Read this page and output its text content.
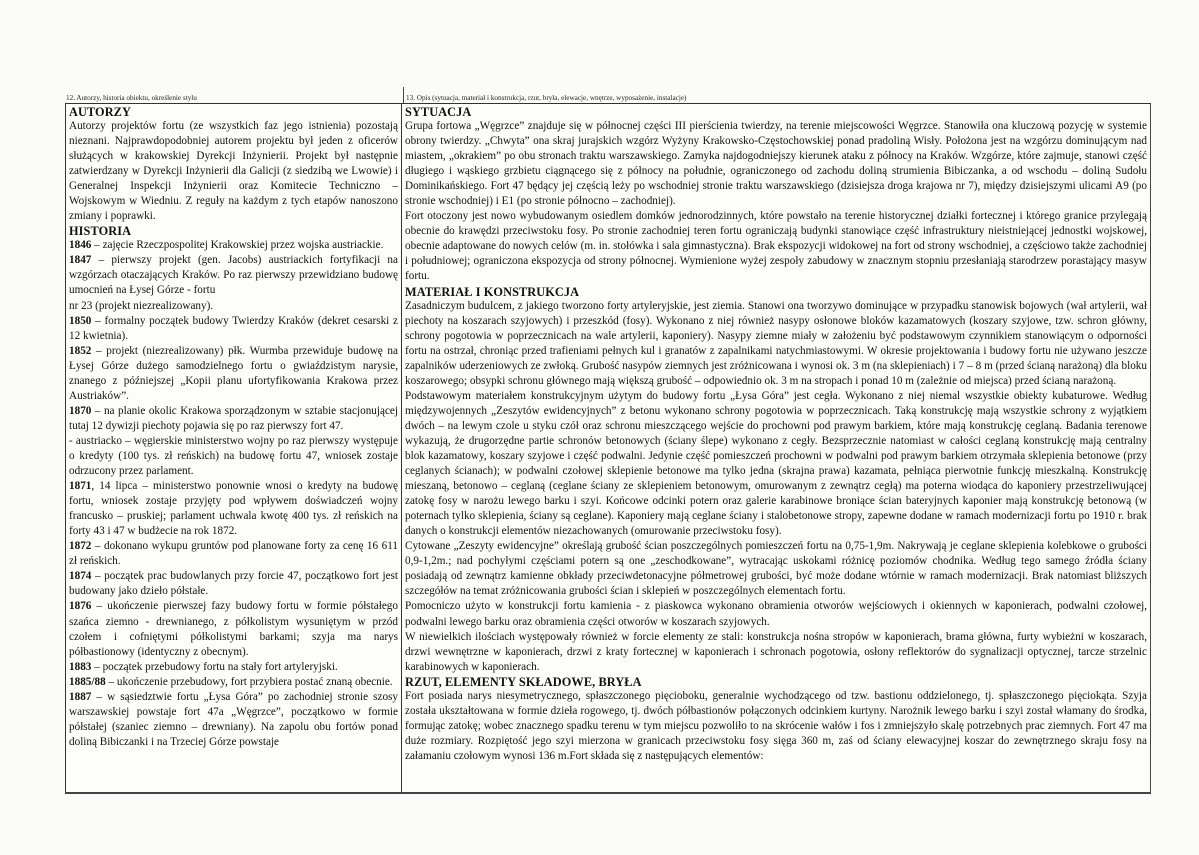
12. Autorzy, historia obiektu, określenie stylu	13. Opis (sytuacja, materiał i konstrukcja, rzut, bryła, elewacje, wnętrze, wyposażenie, instalacje)
AUTORZY

Autorzy projektów fortu (ze wszystkich faz jego istnienia) pozostają nieznani. Najprawdopodobniej autorem projektu był jeden z oficerów służących w krakowskiej Dyrekcji Inżynierii. Projekt był następnie zatwierdzany w Dyrekcji Inżynierii dla Galicji (z siedzibą we Lwowie) i Generalnej Inspekcji Inżynierii oraz Komitecie Techniczno – Wojskowym w Wiedniu. Z reguły na każdym z tych etapów nanoszono zmiany i poprawki.

HISTORIA

1846 – zajęcie Rzeczpospolitej Krakowskiej przez wojska austriackie.

1847 – pierwszy projekt (gen. Jacobs) austriackich fortyfikacji na wzgórzach otaczających Kraków. Po raz pierwszy przewidziano budowę umocnień na Łysej Górze - fortu

nr 23 (projekt niezrealizowany).

1850 – formalny początek budowy Twierdzy Kraków (dekret cesarski z 12 kwietnia).

1852 – projekt (niezrealizowany) płk. Wurmba przewiduje budowę na Łysej Górze dużego samodzielnego fortu o gwiaździstym narysie, znanego z późniejszej „Kopii planu ufortyfikowania Krakowa przez Austriaków”.

1870 – na planie okolic Krakowa sporządzonym w sztabie stacjonującej tutaj 12 dywizji piechoty pojawia się po raz pierwszy fort 47.

- austriacko – węgierskie ministerstwo wojny po raz pierwszy występuje o kredyty (100 tys. zł reńskich) na budowę fortu 47, wniosek zostaje odrzucony przez parlament.

1871, 14 lipca – ministerstwo ponownie wnosi o kredyty na budowę fortu, wniosek zostaje przyjęty pod wpływem doświadczeń wojny francusko – pruskiej; parlament uchwala kwotę 400 tys. zł reńskich na forty 43 i 47 w budżecie na rok 1872.

1872 – dokonano wykupu gruntów pod planowane forty za cenę 16 611 zł reńskich.

1874 – początek prac budowlanych przy forcie 47, początkowo fort jest budowany jako dzieło półstałe.

1876 – ukończenie pierwszej fazy budowy fortu w formie półstałego szańca ziemno - drewnianego, z półkolistym wysuniętym w przód czołem i cofniętymi półkolistymi barkami; szyja ma narys półbastionowy (identyczny z obecnym).

1883 – początek przebudowy fortu na stały fort artyleryjski.

1885/88 – ukończenie przebudowy, fort przybiera postać znaną obecnie.

1887 – w sąsiedztwie fortu „Łysa Góra” po zachodniej stronie szosy warszawskiej powstaje fort 47a „Węgrzce”, początkowo w formie półstałej (szaniec ziemno – drewniany). Na zapolu obu fortów ponad doliną Bibiczanki i na Trzeciej Górze powstaje

SYTUACJA

Grupa fortowa „Węgrzce” znajduje się w północnej części III pierścienia twierdzy, na terenie miejscowości Węgrzce. Stanowiła ona kluczową pozycję w systemie obrony twierdzy. „Chwyta” ona skraj jurajskich wzgórz Wyżyny Krakowsko-Częstochowskiej ponad pradoliną Wisły. Położona jest na wzgórzu dominującym nad miastem, „okrakiem” po obu stronach traktu warszawskiego. Zamyka najdogodniejszy kierunek ataku z północy na Kraków. Wzgórze, które zajmuje, stanowi część długiego i wąskiego grzbietu ciągnącego się z północy na południe, ograniczonego od zachodu doliną strumienia Bibiczanka, a od wschodu – doliną Sudołu Dominikańskiego. Fort 47 będący jej częścią leży po wschodniej stronie traktu warszawskiego (dzisiejsza droga krajowa nr 7), między dzisiejszymi ulicami A9 (po stronie wschodniej) i E1 (po stronie północno – zachodniej).

Fort otoczony jest nowo wybudowanym osiedlem domków jednorodzinnych, które powstało na terenie historycznej działki fortecznej i którego granice przylegają obecnie do krawędzi przeciwstoku fosy. Po stronie zachodniej teren fortu ograniczają budynki stanowiące część infrastruktury nieistniejącej jednostki wojskowej, obecnie adaptowane do nowych celów (m. in. stołówka i sala gimnastyczna). Brak ekspozycji widokowej na fort od strony wschodniej, a częściowo także zachodniej i południowej; ograniczona ekspozycja od strony północnej. Wymienione wyżej zespoły zabudowy w znacznym stopniu przesłaniają starodrzew porastający masyw fortu.

MATERIAŁ I KONSTRUKCJA

Zasadniczym budulcem, z jakiego tworzono forty artyleryjskie, jest ziemia. Stanowi ona tworzywo dominujące w przypadku stanowisk bojowych (wał artylerii, wał piechoty na koszarach szyjowych) i przeszkód (fosy). Wykonano z niej również nasypy osłonowe bloków kazamatowych (koszary szyjowe, tzw. schron główny, schrony pogotowia w poprzecznicach na wale artylerii, kaponiery). Nasypy ziemne miały w założeniu być podstawowym czynnikiem stanowiącym o odporności fortu na ostrzał, chroniąc przed trafieniami pełnych kul i granatów z zapalnikami natychmiastowymi. W okresie projektowania i budowy fortu nie używano jeszcze zapalników uderzeniowych ze zwłoką. Grubość nasypów ziemnych jest zróżnicowana i wynosi ok. 3 m (na sklepieniach) i 7 – 8 m (przed ścianą narażoną) dla bloku koszarowego; obsypki schronu głównego mają większą grubość – odpowiednio ok. 3 m na stropach i ponad 10 m (zależnie od miejsca) przed ścianą narażoną.

Podstawowym materiałem konstrukcyjnym użytym do budowy fortu „Łysa Góra” jest cegła. Wykonano z niej niemal wszystkie obiekty kubaturowe. Według międzywojennych „Zeszytów ewidencyjnych” z betonu wykonano schrony pogotowia w poprzecznicach. Taką konstrukcję mają wszystkie schrony z wyjątkiem dwóch – na lewym czole u styku czół oraz schronu mieszczącego wejście do prochowni pod prawym barkiem, które mają konstrukcję ceglaną. Badania terenowe wykazują, że drugorzędne partie schronów betonowych (ściany ślepe) wykonano z cegły. Bezsprzecznie natomiast w całości ceglaną konstrukcję mają centralny blok kazamatowy, koszary szyjowe i część podwalni. Jedynie część pomieszczeń prochowni w podwalni pod prawym barkiem otrzymała sklepienia betonowe (przy ceglanych ścianach); w podwalni czołowej sklepienie betonowe ma tylko jedna (skrajna prawa) kazamata, pełniąca pierwotnie funkcję mieszkalną. Konstrukcję mieszaną, betonowo – ceglaną (ceglane ściany ze sklepieniem betonowym, omurowanym z zewnątrz cegłą) ma poterna wiodąca do kaponiery przestrzeliwującej zatokę fosy w narożu lewego barku i szyi. Końcowe odcinki potern oraz galerie karabinowe broniące ścian bateryjnych kaponier mają konstrukcję betonową (w poternach tylko sklepienia, ściany są ceglane). Kaponiery mają ceglane ściany i stalobetonowe stropy, zapewne dodane w ramach modernizacji fortu po 1910 r. brak danych o konstrukcji elementów niezachowanych (omurowanie przeciwstoku fosy).

Cytowane „Zeszyty ewidencyjne” określają grubość ścian poszczególnych pomieszczeń fortu na 0,75-1,9m. Nakrywają je ceglane sklepienia kolebkowe o grubości 0,9-1,2m.; nad pochyłymi częściami potern są one „zeschodkowane”, wytracając uskokami różnicę poziomów chodnika. Według tego samego źródła ściany posiadają od zewnątrz kamienne obkłady przeciwdetonacyjne półmetrowej grubości, być może dodane wtórnie w ramach modernizacji. Brak natomiast bliższych szczegółów na temat zróżnicowania grubości ścian i sklepień w poszczególnych elementach fortu.

Pomocniczo użyto w konstrukcji fortu kamienia - z piaskowca wykonano obramienia otworów wejściowych i okiennych w kaponierach, podwalni czołowej, podwalni lewego barku oraz obramienia części otworów w koszarach szyjowych.

W niewielkich ilościach występowały również w forcie elementy ze stali: konstrukcja nośna stropów w kaponierach, brama główna, furty wybieżni w koszarach, drzwi wewnętrzne w kaponierach, drzwi z kraty fortecznej w kaponierach i schronach pogotowia, osłony reflektorów do sygnalizacji optycznej, tarcze strzelnic karabinowych w kaponierach.

RZUT, ELEMENTY SKŁADOWE, BRYŁA

Fort posiada narys niesymetrycznego, spłaszczonego pięcioboku, generalnie wychodzącego od tzw. bastionu oddzielonego, tj. spłaszczonego pięciokąta. Szyja została ukształtowana w formie dzieła rogowego, tj. dwóch półbastionów połączonych odcinkiem kurtyny. Narożnik lewego barku i szyi został włamany do środka, formując zatokę; wobec znacznego spadku terenu w tym miejscu pozwoliło to na skrócenie wałów i fos i zmniejszyło skalę potrzebnych prac ziemnych. Fort 47 ma duże rozmiary. Rozpiętość jego szyi mierzona w granicach przeciwstoku fosy sięga 360 m, zaś od ściany elewacyjnej koszar do zewnętrznego skraju fosy na załamaniu czołowym wynosi 136 m.Fort składa się z następujących elementów:
